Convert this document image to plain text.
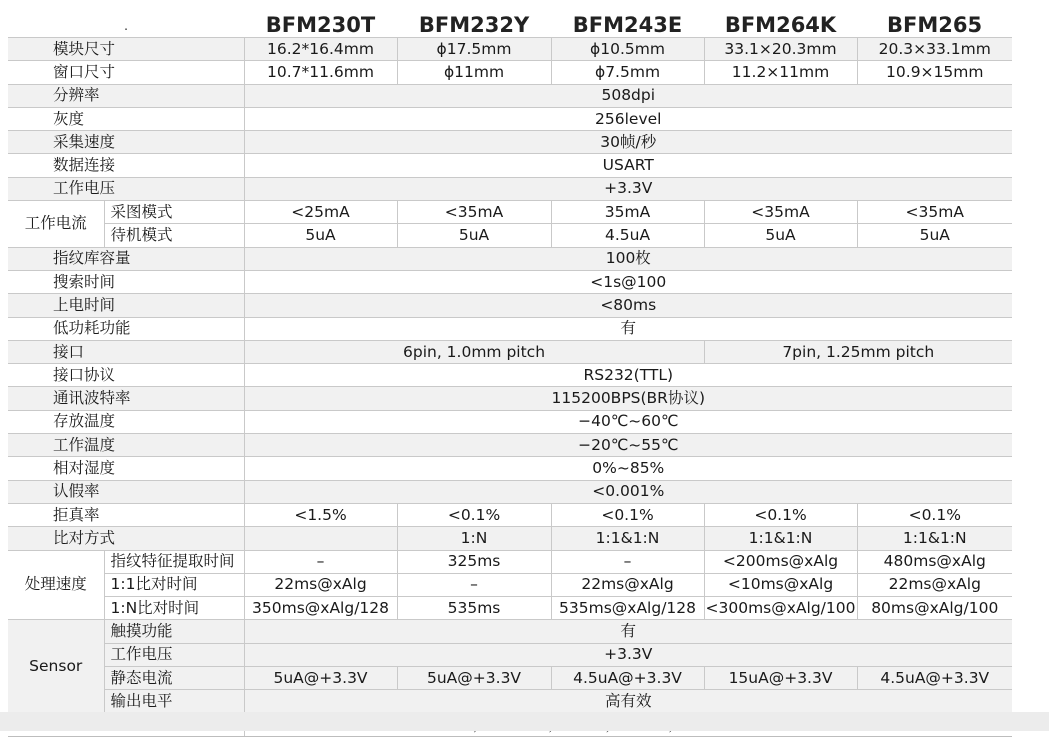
.		BFM230T	BFM232Y	BFM243E	BFM264K	BFM265
模块尺寸		16.2*16.4mm	ϕ17.5mm	ϕ10.5mm	33.1×20.3mm	20.3×33.1mm
窗口尺寸		10.7*11.6mm	ϕ11mm	ϕ7.5mm	11.2×11mm	10.9×15mm
分辨率		508dpi				
灰度		256level				
采集速度		30帧/秒				
数据连接		USART				
工作电压		+3.3V				
工作电流	采图模式	<25mA	<35mA	35mA	<35mA	<35mA
	待机模式	5uA	5uA	4.5uA	5uA	5uA
指纹库容量		100枚				
搜索时间		<1s@100				
上电时间		<80ms				
低功耗功能		有				
接口		6pin, 1.0mm pitch			7pin, 1.25mm pitch	
接口协议		RS232(TTL)				
通讯波特率		115200BPS(BR协议)				
存放温度		−40℃~60℃				
工作温度		−20℃~55℃				
相对湿度		0%~85%				
认假率		<0.001%				
拒真率		<1.5%	<0.1%	<0.1%	<0.1%	<0.1%
比对方式			1:N	1:1&1:N	1:1&1:N	1:1&1:N
处理速度	指纹特征提取时间	–	325ms	–	<200ms@xAlg	480ms@xAlg
	1:1比对时间	22ms@xAlg	–	22ms@xAlg	<10ms@xAlg	22ms@xAlg
	1:N比对时间	350ms@xAlg/128	535ms	535ms@xAlg/128	<300ms@xAlg/100	80ms@xAlg/100
Sensor	触摸功能	有				
	工作电压	+3.3V				
	静态电流	5uA@+3.3V	5uA@+3.3V	4.5uA@+3.3V	15uA@+3.3V	4.5uA@+3.3V
	输出电平	高有效				
